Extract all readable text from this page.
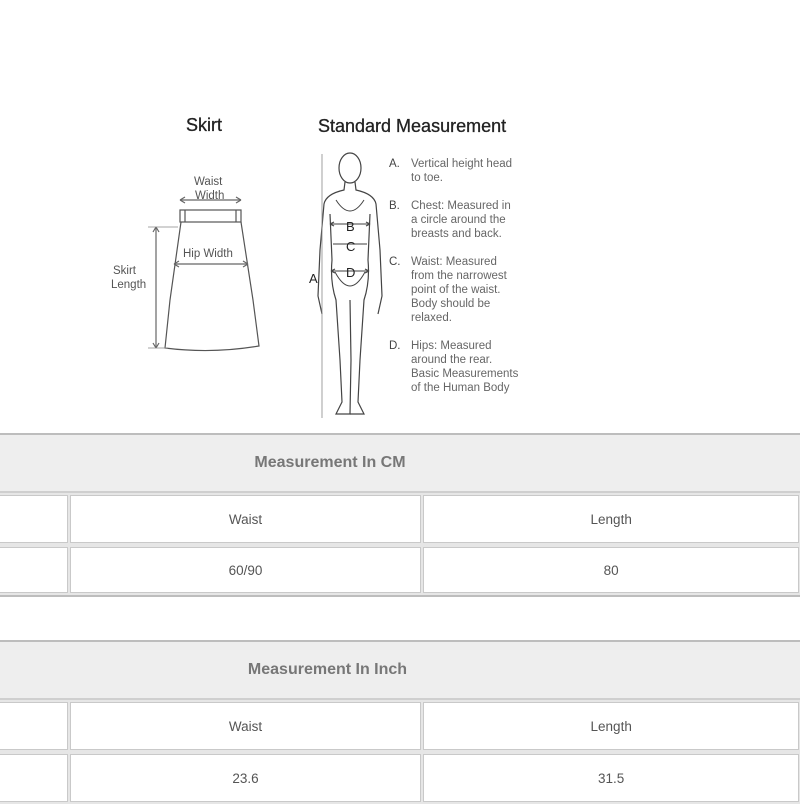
Skirt	Standard Measurement
Waist
Width
Hip Width
Skirt
Length	A
B
C
D
A. Vertical height head
to toe.
B. Chest: Measured in
a circle around the
breasts and back.
C. Waist: Measured
from the narrowest
point of the waist.
Body should be
relaxed.
D. Hips: Measured
around the rear.
Basic Measurements
of the Human Body
Measurement In CM
Waist	Length
60/90	80
Measurement In Inch
Waist	Length
23.6	31.5
